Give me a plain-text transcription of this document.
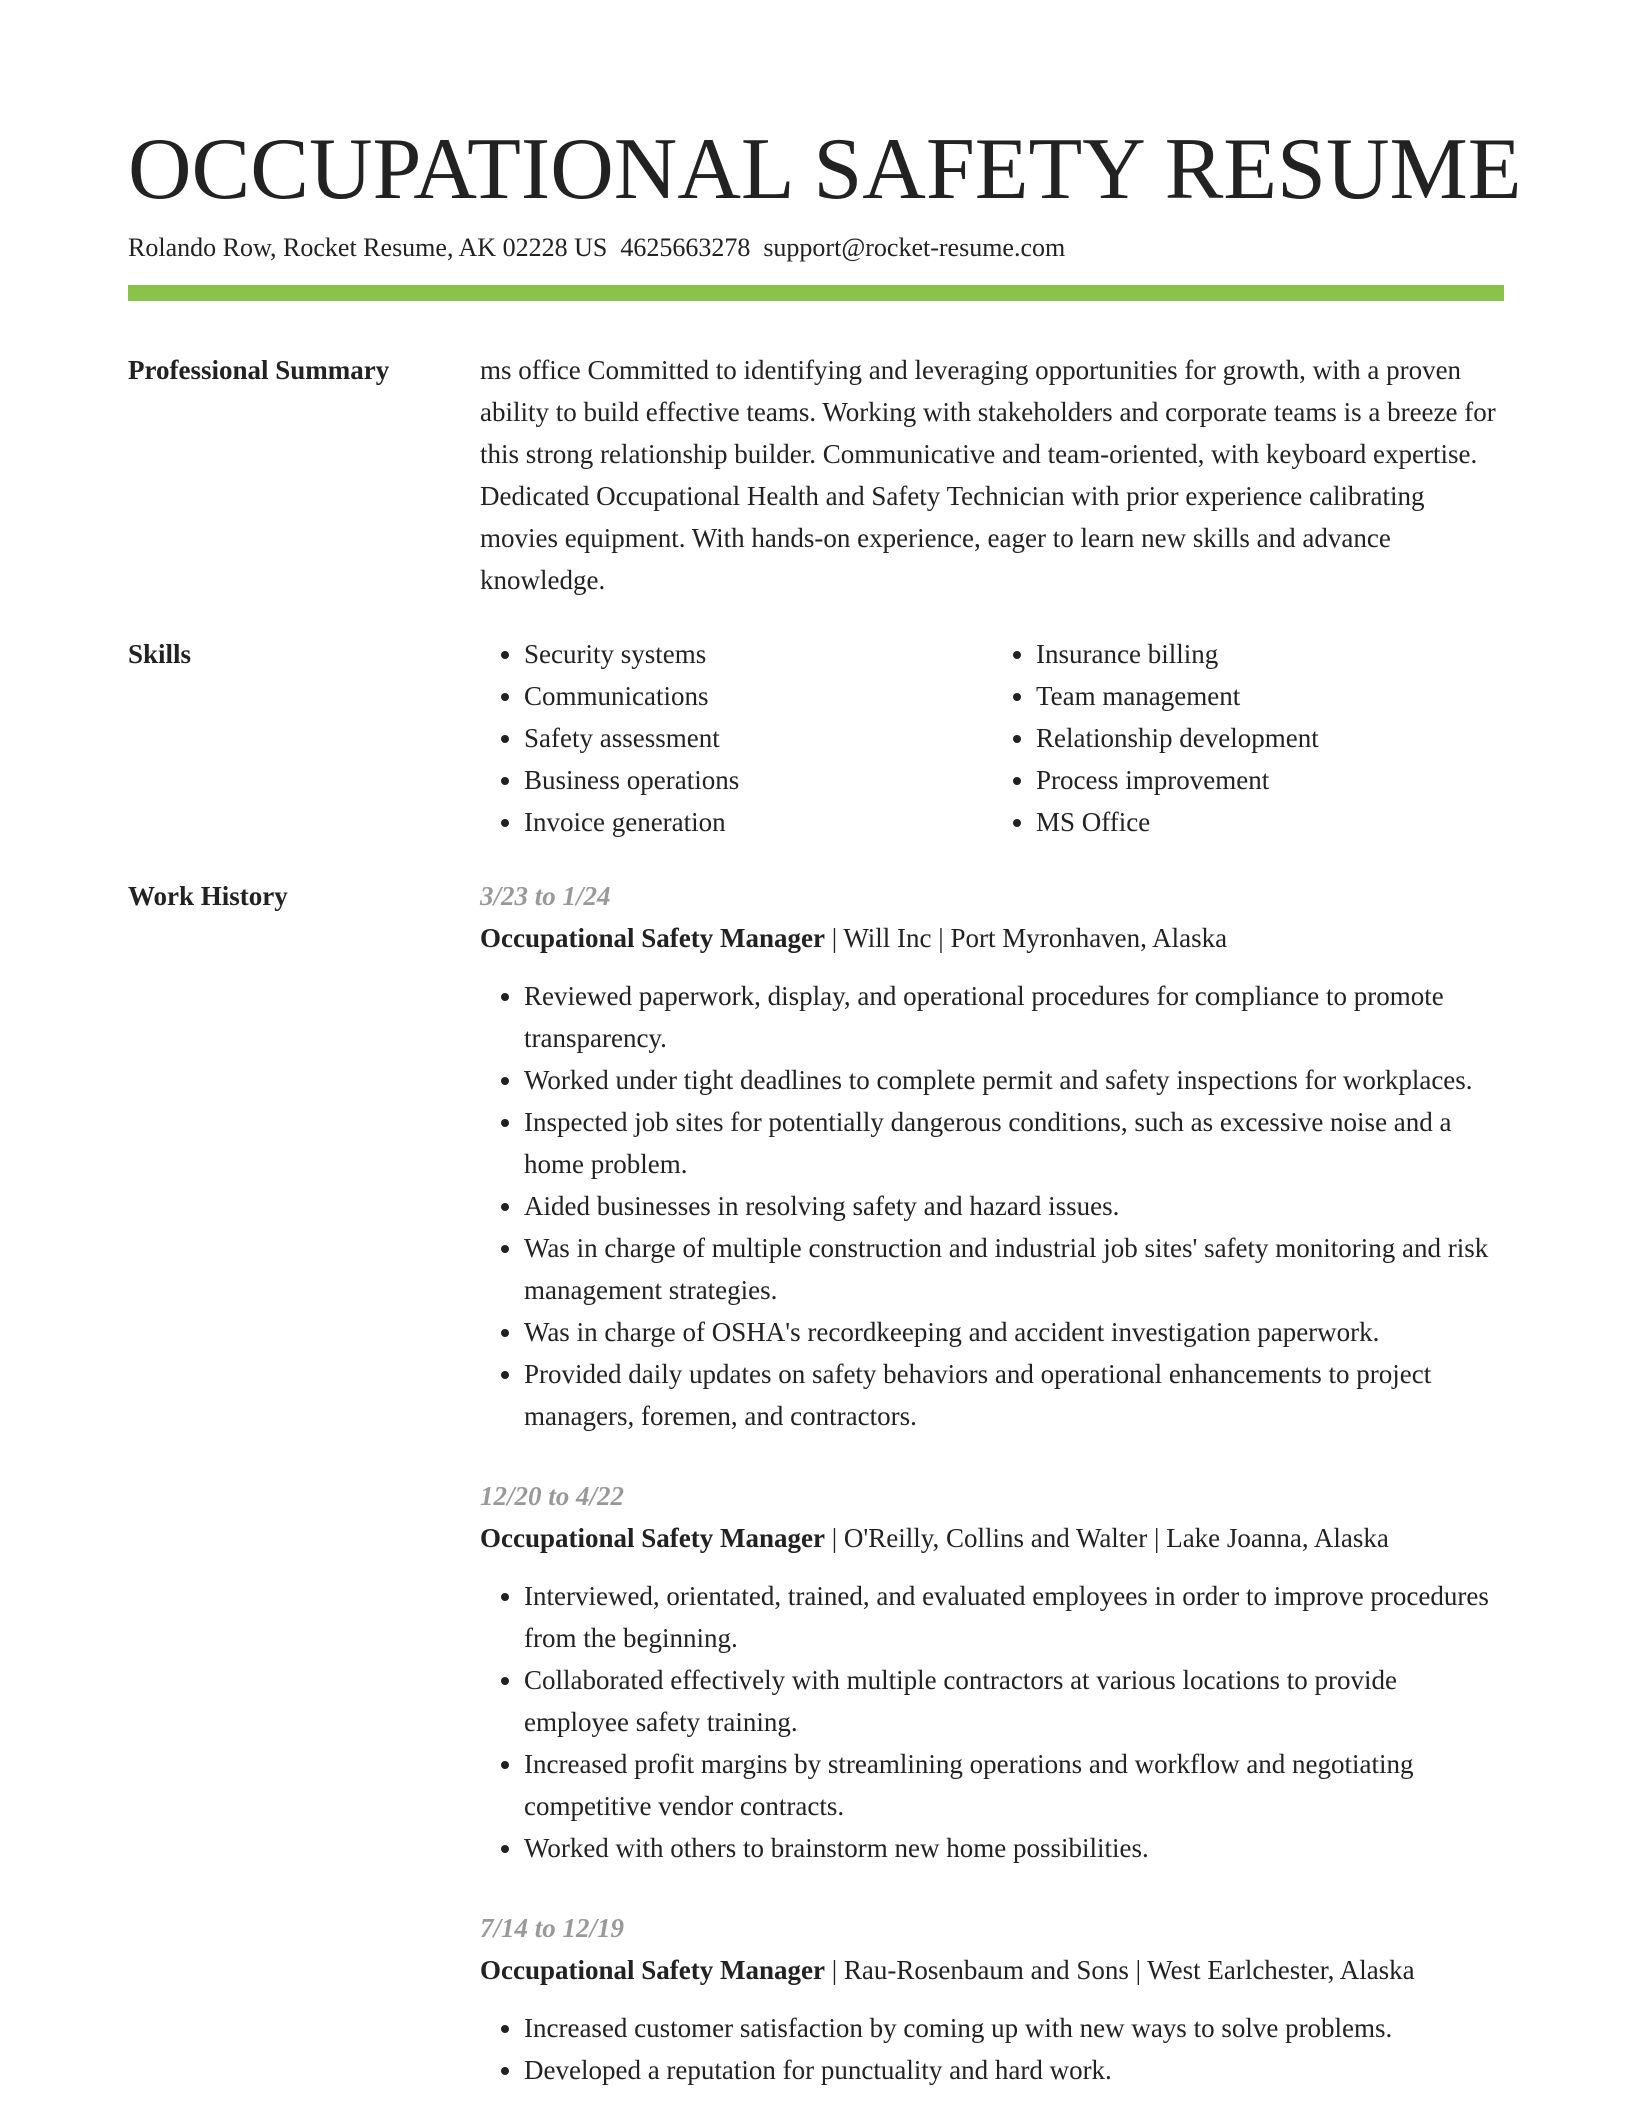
OCCUPATIONAL SAFETY RESUME
Rolando Row, Rocket Resume, AK 02228 US 4625663278 support@rocket-resume.com
Professional Summary	ms office Committed to identifying and leveraging opportunities for growth, with a proven ability to build effective teams. Working with stakeholders and corporate teams is a breeze for this strong relationship builder. Communicative and team-oriented, with keyboard expertise. Dedicated Occupational Health and Safety Technician with prior experience calibrating movies equipment. With hands-on experience, eager to learn new skills and advance knowledge.

Skills
•	Security systems
• Communications
• Safety assessment
• Business operations
• Invoice generation
• Insurance billing
• Team management
• Relationship development
• Process improvement
• MS Office
Work History	3/23 to 1/24
Occupational Safety Manager | Will Inc | Port Myronhaven, Alaska
• Reviewed paperwork, display, and operational procedures for compliance to promote transparency.
• Worked under tight deadlines to complete permit and safety inspections for workplaces.
• Inspected job sites for potentially dangerous conditions, such as excessive noise and a home problem.
• Aided businesses in resolving safety and hazard issues.
• Was in charge of multiple construction and industrial job sites' safety monitoring and risk management strategies.
• Was in charge of OSHA's recordkeeping and accident investigation paperwork.
• Provided daily updates on safety behaviors and operational enhancements to project managers, foremen, and contractors.
12/20 to 4/22
Occupational Safety Manager | O'Reilly, Collins and Walter | Lake Joanna, Alaska
• Interviewed, orientated, trained, and evaluated employees in order to improve procedures from the beginning.
• Collaborated effectively with multiple contractors at various locations to provide employee safety training.
• Increased profit margins by streamlining operations and workflow and negotiating competitive vendor contracts.
• Worked with others to brainstorm new home possibilities.
7/14 to 12/19
Occupational Safety Manager | Rau-Rosenbaum and Sons | West Earlchester, Alaska
• Increased customer satisfaction by coming up with new ways to solve problems.
• Developed a reputation for punctuality and hard work.
